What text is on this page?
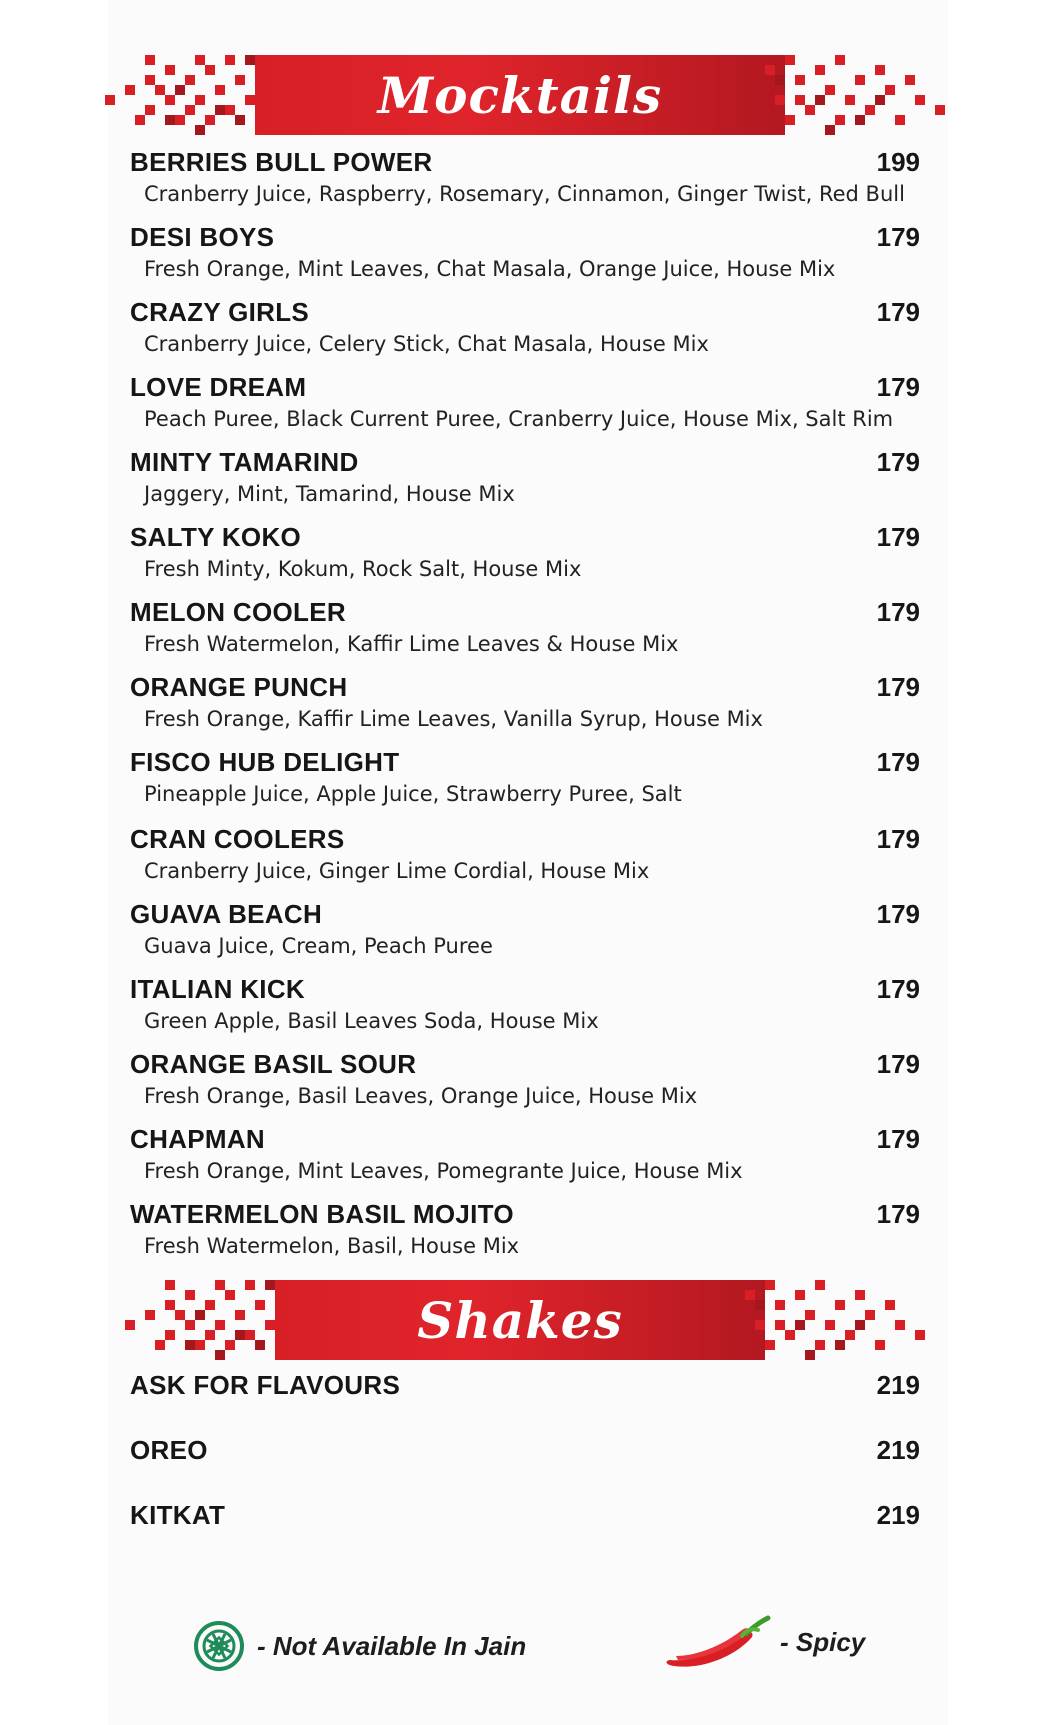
Mocktails
BERRIES BULL POWER	199
Cranberry Juice, Raspberry, Rosemary, Cinnamon, Ginger Twist, Red Bull
DESI BOYS	179
Fresh Orange, Mint Leaves, Chat Masala, Orange Juice, House Mix
CRAZY GIRLS	179
Cranberry Juice, Celery Stick, Chat Masala, House Mix
LOVE DREAM	179
Peach Puree, Black Current Puree, Cranberry Juice, House Mix, Salt Rim
MINTY TAMARIND	179
Jaggery, Mint, Tamarind, House Mix
SALTY KOKO	179
Fresh Minty, Kokum, Rock Salt, House Mix
MELON COOLER	179
Fresh Watermelon, Kaffir Lime Leaves & House Mix
ORANGE PUNCH	179
Fresh Orange, Kaffir Lime Leaves, Vanilla Syrup, House Mix
FISCO HUB DELIGHT	179
Pineapple Juice, Apple Juice, Strawberry Puree, Salt
CRAN COOLERS	179
Cranberry Juice, Ginger Lime Cordial, House Mix
GUAVA BEACH	179
Guava Juice, Cream, Peach Puree
ITALIAN KICK	179
Green Apple, Basil Leaves Soda, House Mix
ORANGE BASIL SOUR	179
Fresh Orange, Basil Leaves, Orange Juice, House Mix
CHAPMAN	179
Fresh Orange, Mint Leaves, Pomegrante Juice, House Mix
WATERMELON BASIL MOJITO	179
Fresh Watermelon, Basil, House Mix
Shakes
ASK FOR FLAVOURS	219
OREO	219
KITKAT	219
- Not Available In Jain	- Spicy
